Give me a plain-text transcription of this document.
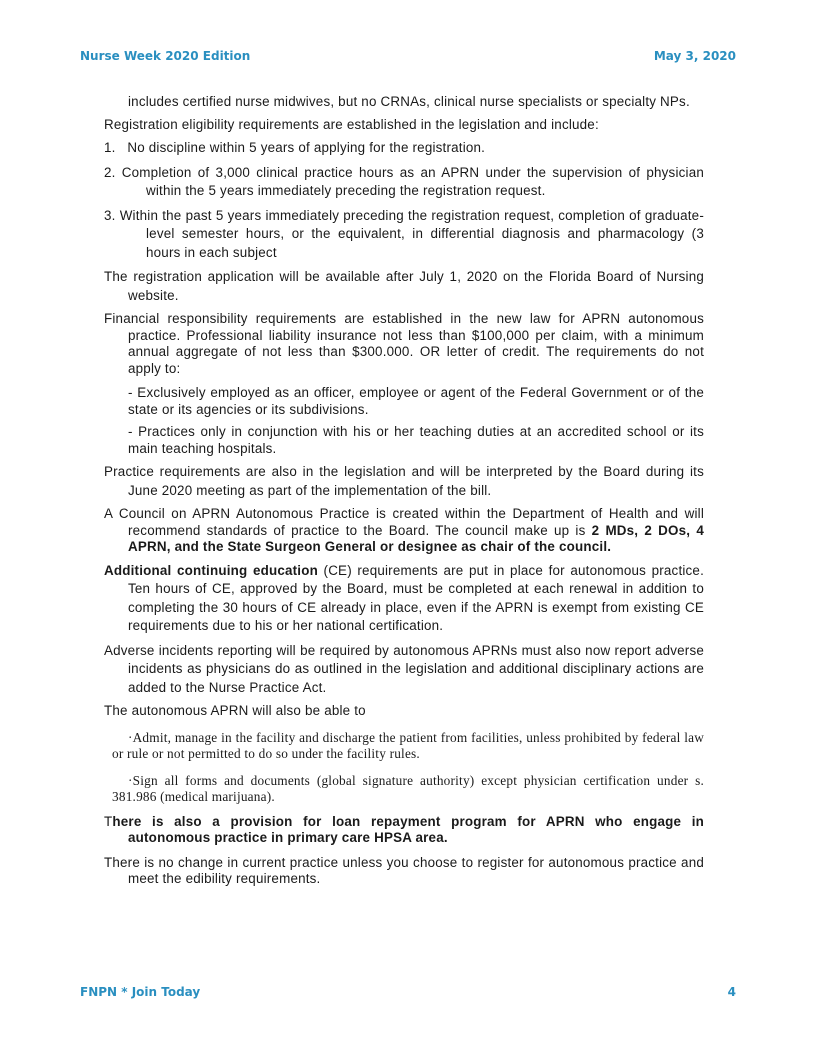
Nurse Week 2020 Edition	May 3, 2020

includes certified nurse midwives, but no CRNAs, clinical nurse specialists or specialty NPs.

Registration eligibility requirements are established in the legislation and include:

1.   No discipline within 5 years of applying for the registration.

2. Completion of 3,000 clinical practice hours as an APRN under the supervision of physician within the 5 years immediately preceding the registration request.

3. Within the past 5 years immediately preceding the registration request, completion of graduate-level semester hours, or the equivalent, in differential diagnosis and pharmacology (3 hours in each subject

The registration application will be available after July 1, 2020 on the Florida Board of Nursing website.

Financial responsibility requirements are established in the new law for APRN autonomous practice. Professional liability insurance not less than $100,000 per claim, with a minimum annual aggregate of not less than $300.000. OR letter of credit. The requirements do not apply to:

- Exclusively employed as an officer, employee or agent of the Federal Government or of the state or its agencies or its subdivisions.

- Practices only in conjunction with his or her teaching duties at an accredited school or its main teaching hospitals.

Practice requirements are also in the legislation and will be interpreted by the Board during its June 2020 meeting as part of the implementation of the bill.

A Council on APRN Autonomous Practice is created within the Department of Health and will recommend standards of practice to the Board. The council make up is 2 MDs, 2 DOs, 4 APRN, and the State Surgeon General or designee as chair of the council.

Additional continuing education (CE) requirements are put in place for autonomous practice. Ten hours of CE, approved by the Board, must be completed at each renewal in addition to completing the 30 hours of CE already in place, even if the APRN is exempt from existing CE requirements due to his or her national certification.

Adverse incidents reporting will be required by autonomous APRNs must also now report adverse incidents as physicians do as outlined in the legislation and additional disciplinary actions are added to the Nurse Practice Act.

The autonomous APRN will also be able to

·Admit, manage in the facility and discharge the patient from facilities, unless prohibited by federal law or rule or not permitted to do so under the facility rules.

·Sign all forms and documents (global signature authority) except physician certification under s. 381.986 (medical marijuana).

There is also a provision for loan repayment program for APRN who engage in autonomous practice in primary care HPSA area.

There is no change in current practice unless you choose to register for autonomous practice and meet the edibility requirements.

FNPN * Join Today	4
